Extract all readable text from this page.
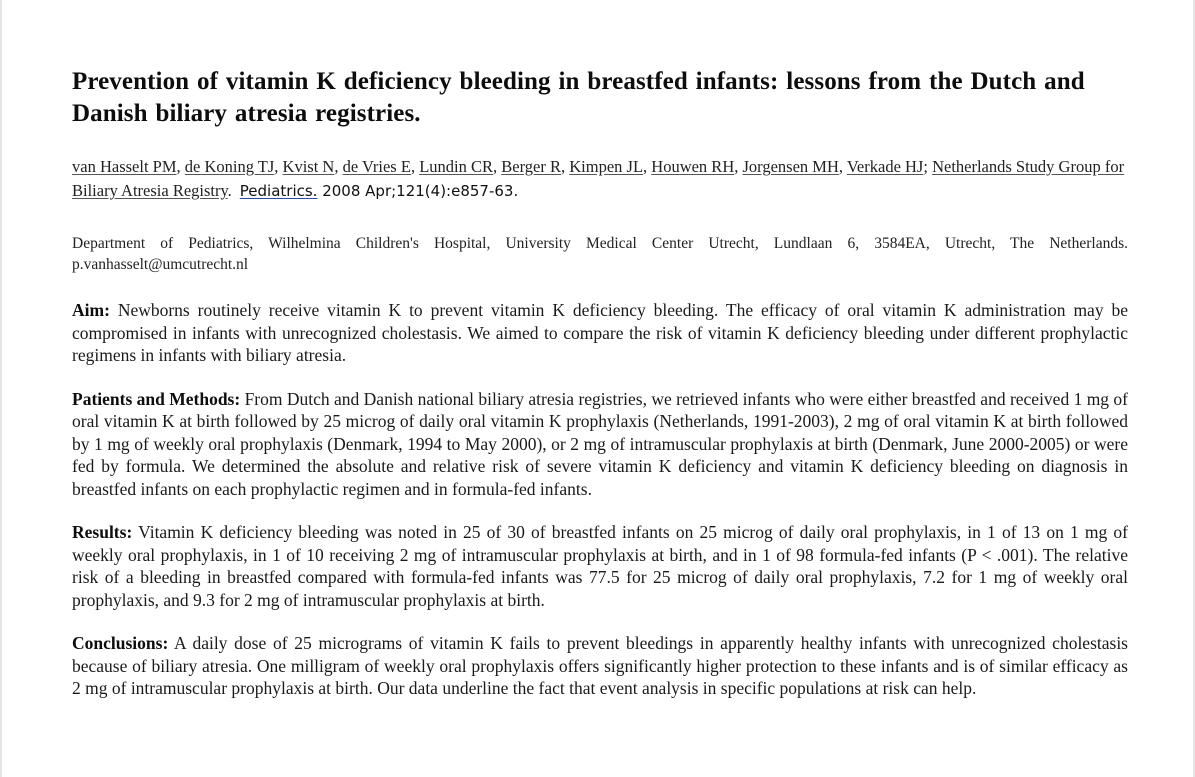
Prevention of vitamin K deficiency bleeding in breastfed infants: lessons from the Dutch and Danish biliary atresia registries.
van Hasselt PM, de Koning TJ, Kvist N, de Vries E, Lundin CR, Berger R, Kimpen JL, Houwen RH, Jorgensen MH, Verkade HJ; Netherlands Study Group for Biliary Atresia Registry. Pediatrics. 2008 Apr;121(4):e857-63.
Department of Pediatrics, Wilhelmina Children's Hospital, University Medical Center Utrecht, Lundlaan 6, 3584EA, Utrecht, The Netherlands. p.vanhasselt@umcutrecht.nl

Aim: Newborns routinely receive vitamin K to prevent vitamin K deficiency bleeding. The efficacy of oral vitamin K administration may be compromised in infants with unrecognized cholestasis. We aimed to compare the risk of vitamin K deficiency bleeding under different prophylactic regimens in infants with biliary atresia.

Patients and Methods: From Dutch and Danish national biliary atresia registries, we retrieved infants who were either breastfed and received 1 mg of oral vitamin K at birth followed by 25 microg of daily oral vitamin K prophylaxis (Netherlands, 1991-2003), 2 mg of oral vitamin K at birth followed by 1 mg of weekly oral prophylaxis (Denmark, 1994 to May 2000), or 2 mg of intramuscular prophylaxis at birth (Denmark, June 2000-2005) or were fed by formula. We determined the absolute and relative risk of severe vitamin K deficiency and vitamin K deficiency bleeding on diagnosis in breastfed infants on each prophylactic regimen and in formula-fed infants.

Results: Vitamin K deficiency bleeding was noted in 25 of 30 of breastfed infants on 25 microg of daily oral prophylaxis, in 1 of 13 on 1 mg of weekly oral prophylaxis, in 1 of 10 receiving 2 mg of intramuscular prophylaxis at birth, and in 1 of 98 formula-fed infants (P < .001). The relative risk of a bleeding in breastfed compared with formula-fed infants was 77.5 for 25 microg of daily oral prophylaxis, 7.2 for 1 mg of weekly oral prophylaxis, and 9.3 for 2 mg of intramuscular prophylaxis at birth.

Conclusions: A daily dose of 25 micrograms of vitamin K fails to prevent bleedings in apparently healthy infants with unrecognized cholestasis because of biliary atresia. One milligram of weekly oral prophylaxis offers significantly higher protection to these infants and is of similar efficacy as 2 mg of intramuscular prophylaxis at birth. Our data underline the fact that event analysis in specific populations at risk can help.
